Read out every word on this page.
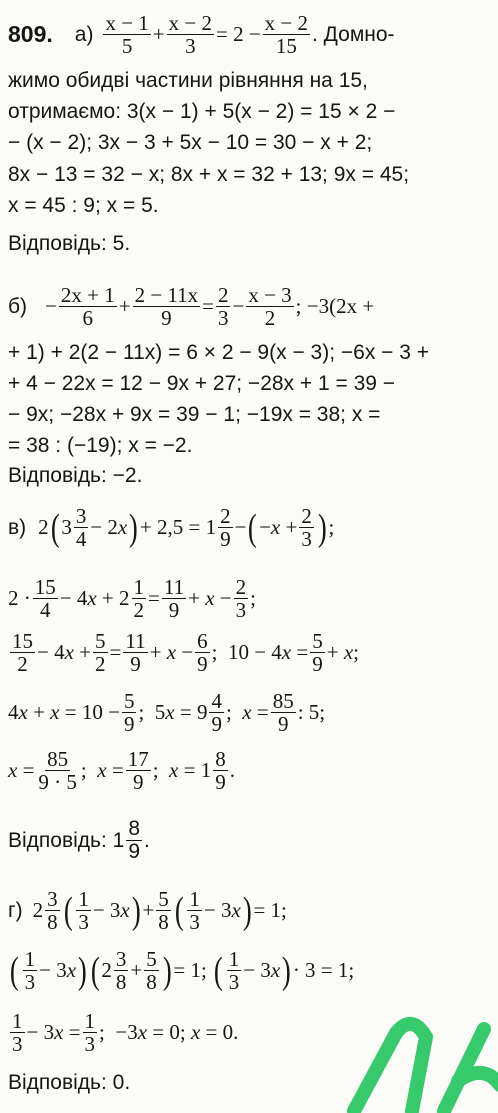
809. а) x − 1
5
+ $\frac{x - 2}{3} = 2 - \frac{x - 2}{15}$ . Домно-
жимо обидві частини рівняння на 15,
отримаємо: 3(x − 1) + 5(x − 2) = 15 × 2 −
− (x − 2); 3x − 3 + 5x − 10 = 30 − x + 2;
8x − 13 = 32 − x; 8x + x = 32 + 13; 9x = 45;
x = 45 : 9; x = 5.
Відповідь: 5.
$б) - \frac{2x + 1}{6} + \frac{2 - 11x}{9} = \frac{2}{3} - \frac{x - 3}{2}$ ; −3(2x +
+ 1) + 2(2 − 11x) = 6 × 2 − 9(x − 3); −6x − 3 +
+ 4 − 22x = 12 − 9x + 27; −28x + 1 = 39 −
− 9x; −28x + 9x = 39 − 1; −19x = 38; x =
= 38 : (−19); x = −2.
Відповідь: −2.
в) 2 ( 3 3
4
− 2x ) + 2,5 = 1 2
9
− ( $-x + \frac{2}{3}$ ) ;
2 · 15
4
− $4x + 2 \frac{1}{2} = \frac{11}{9} + x - \frac{2}{3}$ ;
15
2
− $4x + \frac{5}{2} = \frac{11}{9} + x - \frac{6}{9}$ ;  $10 - 4x = \frac{5}{9} + x$;
$4x + x = 10 - \frac{5}{9}$ ;  5x = 9 4
9
;  $x = \frac{85}{9}$ : 5;
$x = \frac{85}{9 \cdot 5}$ ;  $x = \frac{17}{9}$ ;  x = 1 8
9
.
Відповідь: 1
8
9 .
г) 2 3
8 ( 1
3
− 3x ) + $\frac{5}{8}$ ( 1
3
− 3x ) = 1;
( 1
3
− 3x ) ( 2 3
8
+ $\frac{5}{8}$ ) = 1; ( 1
3
− 3x ) · 3 = 1;
1
3
− $3x = \frac{1}{3}$ ;  −3x = 0; x = 0.
Відповідь: 0.
